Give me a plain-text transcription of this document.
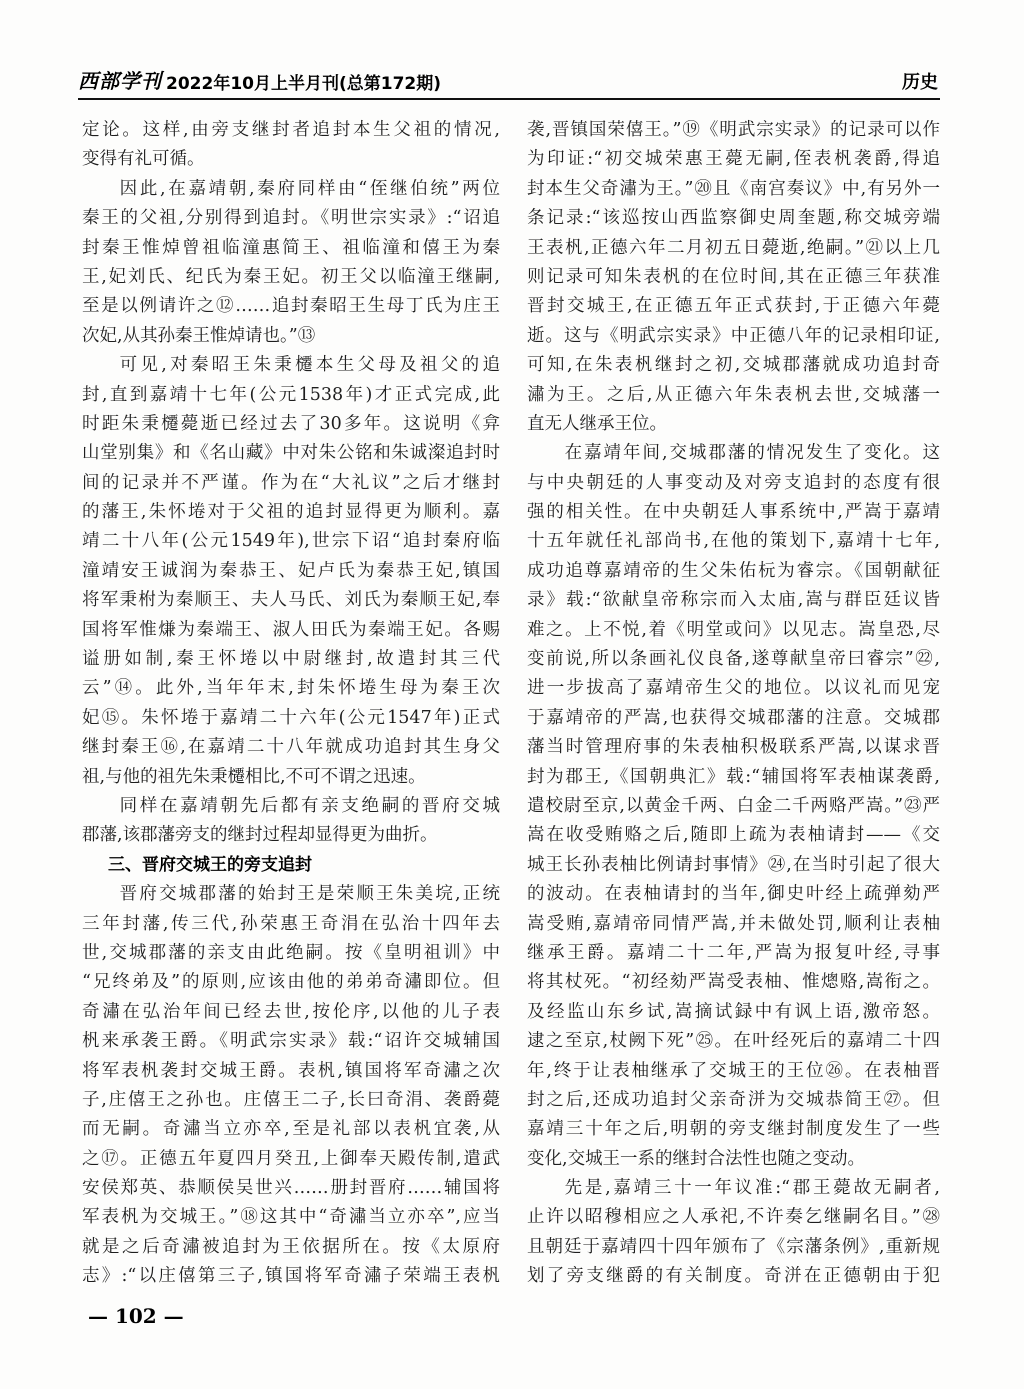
西部学刊 2022年10月上半月刊(总第172期)	历史
定论。这样,由旁支继封者追封本生父祖的情况,
变得有礼可循。
因此,在嘉靖朝,秦府同样由“侄继伯统”两位
秦王的父祖,分别得到追封。《明世宗实录》:“诏追
封秦王惟焯曾祖临潼惠简王、祖临潼和僖王为秦
王,妃刘氏、纪氏为秦王妃。初王父以临潼王继嗣,
至是以例请许之⑫……追封秦昭王生母丁氏为庄王
次妃,从其孙秦王惟焯请也。”⑬
可见,对秦昭王朱秉櫏本生父母及祖父的追
封,直到嘉靖十七年(公元1538年)才正式完成,此
时距朱秉櫏薨逝已经过去了30多年。这说明《弇
山堂别集》和《名山藏》中对朱公铭和朱诚澯追封时
间的记录并不严谨。作为在“大礼议”之后才继封
的藩王,朱怀埢对于父祖的追封显得更为顺利。嘉
靖二十八年(公元1549年),世宗下诏“追封秦府临
潼靖安王诚润为秦恭王、妃卢氏为秦恭王妃,镇国
将军秉柎为秦顺王、夫人马氏、刘氏为秦顺王妃,奉
国将军惟熑为秦端王、淑人田氏为秦端王妃。各赐
谥册如制,秦王怀埢以中尉继封,故遣封其三代
云”⑭。此外,当年年末,封朱怀埢生母为秦王次
妃⑮。朱怀埢于嘉靖二十六年(公元1547年)正式
继封秦王⑯,在嘉靖二十八年就成功追封其生身父
祖,与他的祖先朱秉櫏相比,不可不谓之迅速。
同样在嘉靖朝先后都有亲支绝嗣的晋府交城
郡藩,该郡藩旁支的继封过程却显得更为曲折。
三、晋府交城王的旁支追封
晋府交城郡藩的始封王是荣顺王朱美垸,正统
三年封藩,传三代,孙荣惠王奇涓在弘治十四年去
世,交城郡藩的亲支由此绝嗣。按《皇明祖训》中
“兄终弟及”的原则,应该由他的弟弟奇潚即位。但
奇潚在弘治年间已经去世,按伦序,以他的儿子表
杋来承袭王爵。《明武宗实录》载:“诏许交城辅国
将军表杋袭封交城王爵。表杋,镇国将军奇潚之次
子,庄僖王之孙也。庄僖王二子,长曰奇涓、袭爵薨
而无嗣。奇潚当立亦卒,至是礼部以表杋宜袭,从
之⑰。正德五年夏四月癸丑,上御奉天殿传制,遣武
安侯郑英、恭顺侯吴世兴……册封晋府……辅国将
军表杋为交城王。”⑱这其中“奇潚当立亦卒”,应当
就是之后奇潚被追封为王依据所在。按《太原府
志》:“以庄僖第三子,镇国将军奇潚子荣端王表杋
袭,晋镇国荣僖王。”⑲《明武宗实录》的记录可以作
为印证:“初交城荣惠王薨无嗣,侄表杋袭爵,得追
封本生父奇潚为王。”⑳且《南宫奏议》中,有另外一
条记录:“该巡按山西监察御史周奎题,称交城旁端
王表杋,正德六年二月初五日薨逝,绝嗣。”㉑以上几
则记录可知朱表杋的在位时间,其在正德三年获准
晋封交城王,在正德五年正式获封,于正德六年薨
逝。这与《明武宗实录》中正德八年的记录相印证,
可知,在朱表杋继封之初,交城郡藩就成功追封奇
潚为王。之后,从正德六年朱表杋去世,交城藩一
直无人继承王位。
在嘉靖年间,交城郡藩的情况发生了变化。这
与中央朝廷的人事变动及对旁支追封的态度有很
强的相关性。在中央朝廷人事系统中,严嵩于嘉靖
十五年就任礼部尚书,在他的策划下,嘉靖十七年,
成功追尊嘉靖帝的生父朱佑杬为睿宗。《国朝献征
录》载:“欲献皇帝称宗而入太庙,嵩与群臣廷议皆
难之。上不悦,着《明堂或问》以见志。嵩皇恐,尽
变前说,所以条画礼仪良备,遂尊献皇帝曰睿宗”㉒,
进一步拔高了嘉靖帝生父的地位。以议礼而见宠
于嘉靖帝的严嵩,也获得交城郡藩的注意。交城郡
藩当时管理府事的朱表柚积极联系严嵩,以谋求晋
封为郡王,《国朝典汇》载:“辅国将军表柚谋袭爵,
遣校尉至京,以黄金千两、白金二千两赂严嵩。”㉓严
嵩在收受贿赂之后,随即上疏为表柚请封——《交
城王长孙表柚比例请封事情》㉔,在当时引起了很大
的波动。在表柚请封的当年,御史叶经上疏弹劾严
嵩受贿,嘉靖帝同情严嵩,并未做处罚,顺利让表柚
继承王爵。嘉靖二十二年,严嵩为报复叶经,寻事
将其杖死。“初经劾严嵩受表柚、惟熜赂,嵩衔之。
及经监山东乡试,嵩摘试録中有讽上语,激帝怒。
逮之至京,杖阙下死”㉕。在叶经死后的嘉靖二十四
年,终于让表柚继承了交城王的王位㉖。在表柚晋
封之后,还成功追封父亲奇洴为交城恭简王㉗。但
嘉靖三十年之后,明朝的旁支继封制度发生了一些
变化,交城王一系的继封合法性也随之变动。
先是,嘉靖三十一年议准:“郡王薨故无嗣者,
止许以昭穆相应之人承祀,不许奏乞继嗣名目。”㉘
且朝廷于嘉靖四十四年颁布了《宗藩条例》,重新规
划了旁支继爵的有关制度。奇洴在正德朝由于犯
— 102 —
